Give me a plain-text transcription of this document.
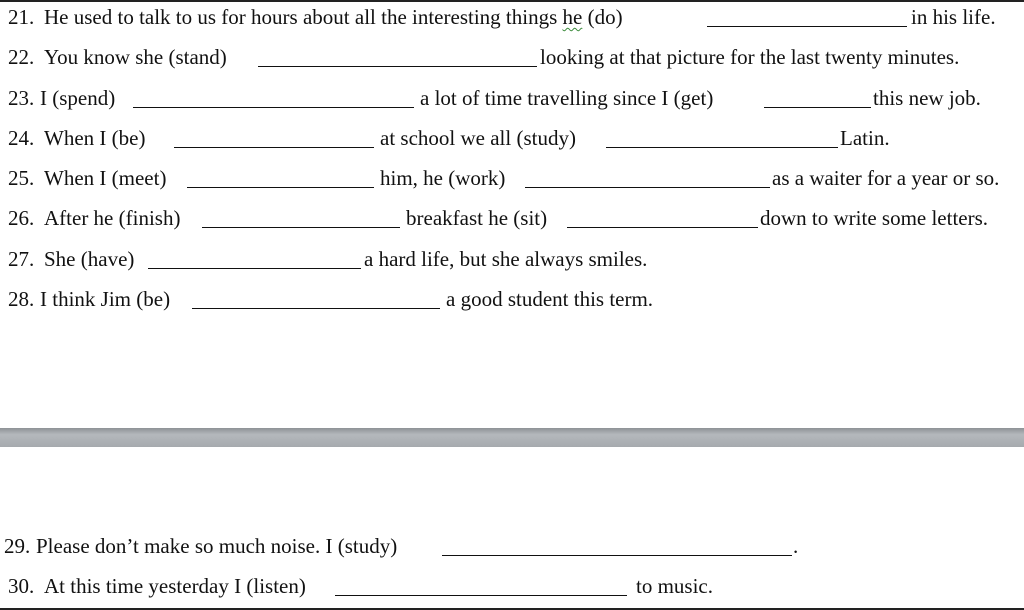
21. He used to talk to us for hours about all the interesting things he (do)	in his life.
22. You know she (stand)	looking at that picture for the last twenty minutes.
23. I (spend)	a lot of time travelling since I (get)	this new job.
24. When I (be)	at school we all (study)	Latin.
25. When I (meet)	him, he (work)	as a waiter for a year or so.
26. After he (finish)	breakfast he (sit)	down to write some letters.
27. She (have)	a hard life, but she always smiles.
28. I think Jim (be)	a good student this term.
29. Please don’t make so much noise. I (study)	.
30. At this time yesterday I (listen)	to music.
